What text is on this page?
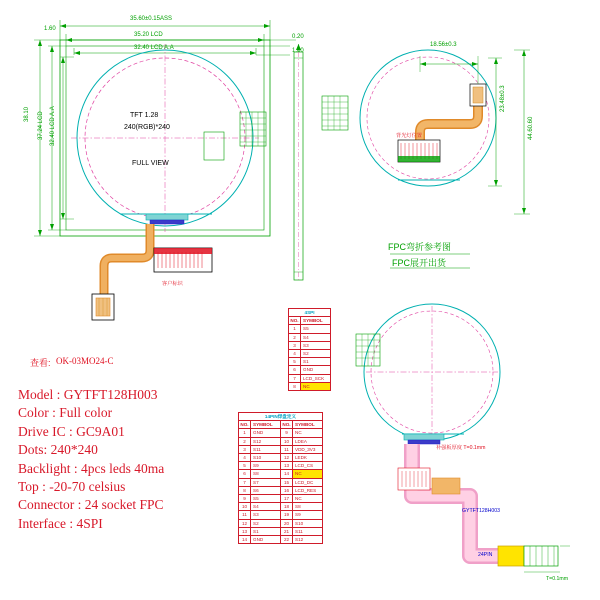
35.60±0.15ASS
35.20 LCD
32.40 LCD A.A
0.20
1.60
1.60
38.10 37.24 LCD 32.40 LCD A.A	TFT 1.28
240(RGB)*240
FULL VIEW
客户标识
查看: OK-03MO24-C
18.56±0.3
23.48±0.3
44.60.60
背光灯位置
FPC弯折参考图
FPC展开出货
补强板厚度 T=0.1mm
GYTFT128H003
24PIN
T=0.1mm
Model : GYTFT128H003
Color : Full color
Drive IC : GC9A01
Dots: 240*240
Backlight : 4pcs leds 40ma
Top : -20-70 celsius
Connector : 24 socket FPC
Interface : 4SPI
4SPI	
NO.	SYMBOL
1	S5
2	S4
3	S3
4	S2
5	S1
6	GND
7	LCD_SCK
8	NC
14PIN焊盘定义			
NO.	SYMBOL	NO.	SYMBOL
1	GND	9	NC
2	S12	10	LDEA
3	S11	11	VDD_3V3
4	S10	12	LEDK
5	S9	13	LCD_CS
6	S8	14	NC
7	S7	15	LCD_DC
8	S6	16	LCD_RES
9	S5	17	NC
10	S4	18	S8
11	S3	19	S9
12	S2	20	S10
13	S1	21	S11
14	GND	22	S12
